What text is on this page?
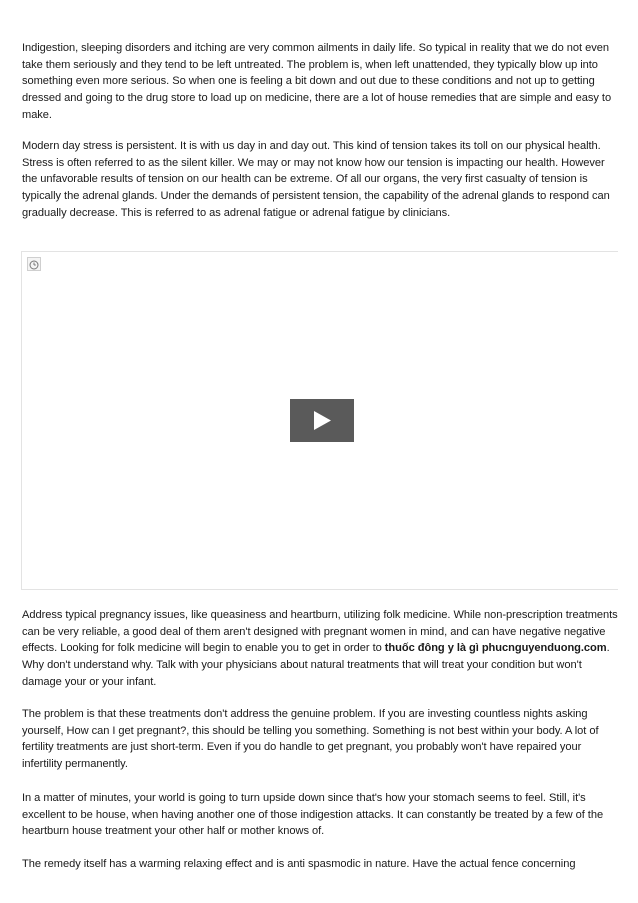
Indigestion, sleeping disorders and itching are very common ailments in daily life. So typical in reality that we do not even take them seriously and they tend to be left untreated. The problem is, when left unattended, they typically blow up into something even more serious. So when one is feeling a bit down and out due to these conditions and not up to getting dressed and going to the drug store to load up on medicine, there are a lot of house remedies that are simple and easy to make.

Modern day stress is persistent. It is with us day in and day out. This kind of tension takes its toll on our physical health. Stress is often referred to as the silent killer. We may or may not know how our tension is impacting our health. However the unfavorable results of tension on our health can be extreme. Of all our organs, the very first casualty of tension is typically the adrenal glands. Under the demands of persistent tension, the capability of the adrenal glands to respond can gradually decrease. This is referred to as adrenal fatigue or adrenal fatigue by clinicians.

Address typical pregnancy issues, like queasiness and heartburn, utilizing folk medicine. While non-prescription treatments can be very reliable, a good deal of them aren't designed with pregnant women in mind, and can have negative negative effects. Looking for folk medicine will begin to enable you to get in order to thuốc đông y là gì phucnguyenduong.com. Why don't understand why. Talk with your physicians about natural treatments that will treat your condition but won't damage your or your infant.

The problem is that these treatments don't address the genuine problem. If you are investing countless nights asking yourself, How can I get pregnant?, this should be telling you something. Something is not best within your body. A lot of fertility treatments are just short-term. Even if you do handle to get pregnant, you probably won't have repaired your infertility permanently.

In a matter of minutes, your world is going to turn upside down since that's how your stomach seems to feel. Still, it's excellent to be house, when having another one of those indigestion attacks. It can constantly be treated by a few of the heartburn house treatment your other half or mother knows of.

The remedy itself has a warming relaxing effect and is anti spasmodic in nature. Have the actual fence concerning
